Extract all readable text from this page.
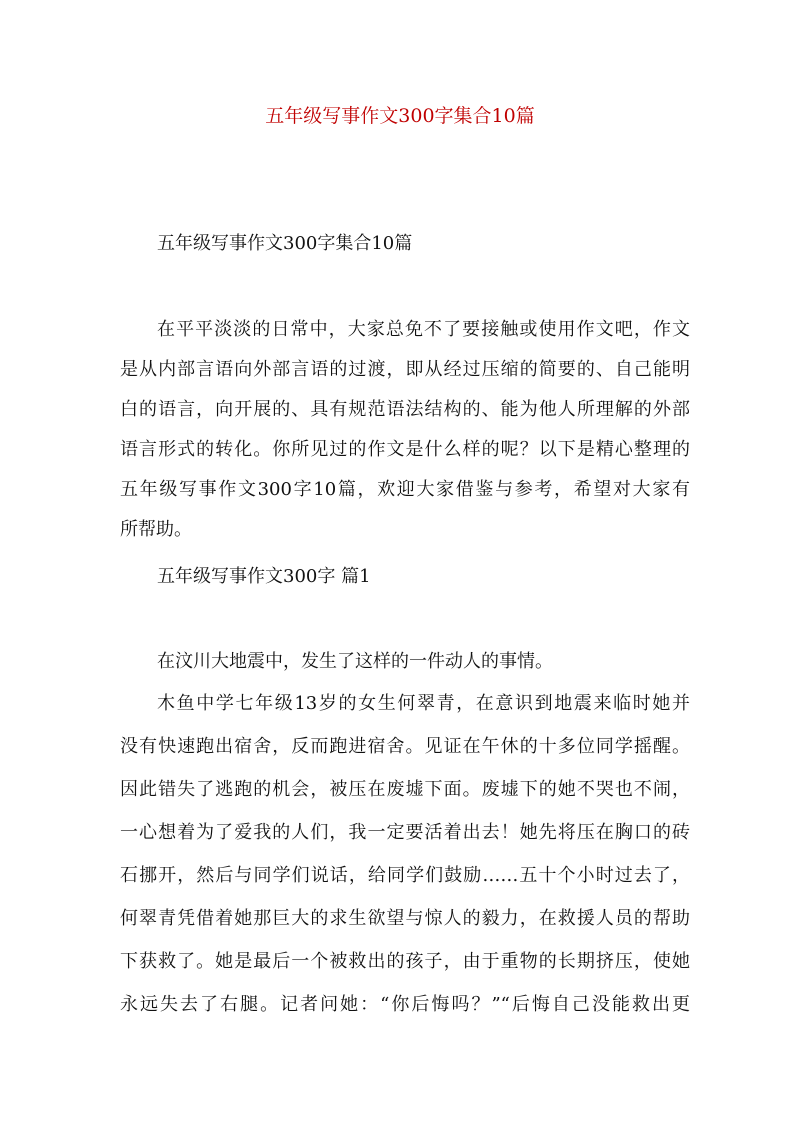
五年级写事作文300字集合10篇

五年级写事作文300字集合10篇

在平平淡淡的日常中，大家总免不了要接触或使用作文吧，作文

是从内部言语向外部言语的过渡，即从经过压缩的简要的、自己能明

白的语言，向开展的、具有规范语法结构的、能为他人所理解的外部

语言形式的转化。你所见过的作文是什么样的呢？以下是精心整理的

五年级写事作文300字10篇，欢迎大家借鉴与参考，希望对大家有

所帮助。

五年级写事作文300字 篇1

在汶川大地震中，发生了这样的一件动人的事情。

木鱼中学七年级13岁的女生何翠青，在意识到地震来临时她并

没有快速跑出宿舍，反而跑进宿舍。见证在午休的十多位同学摇醒。

因此错失了逃跑的机会，被压在废墟下面。废墟下的她不哭也不闹，

一心想着为了爱我的人们，我一定要活着出去！她先将压在胸口的砖

石挪开，然后与同学们说话，给同学们鼓励……五十个小时过去了，

何翠青凭借着她那巨大的求生欲望与惊人的毅力，在救援人员的帮助

下获救了。她是最后一个被救出的孩子，由于重物的长期挤压，使她

永远失去了右腿。记者问她：“你后悔吗？”“后悔自己没能救出更
